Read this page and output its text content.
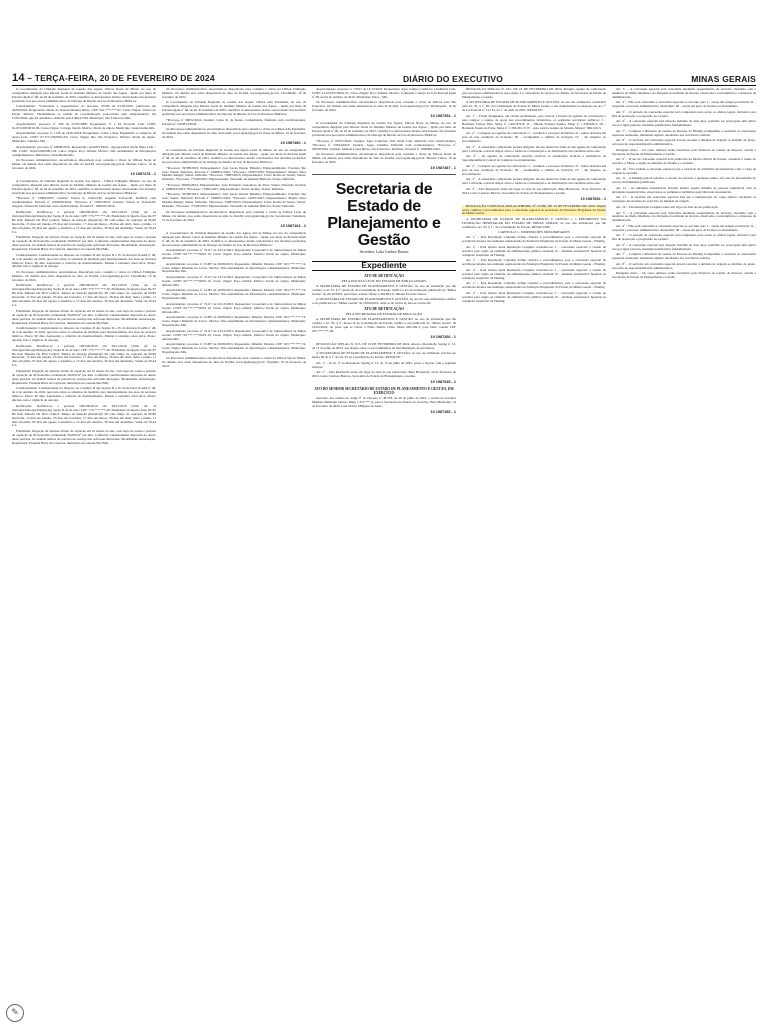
14 – TERÇA-FEIRA, 20 DE FEVEREIRO DE 2024	DIÁRIO DO EXECUTIVO	MINAS GERAIS

O Coordenador da Unidade Regional de Gestão das Águas, URGA Norte de Minas, no uso da competência delegada pelo Diretor Geral do Instituto Mineiro de Gestão das Águas - Igam, por meio da Portaria Igam nº 48, de 26 de setembro de 2023, cientifica os interessados abaixo relacionados das decisões proferidas nos processos administrativos de Outorga de Direito de Uso de Recursos Hídricos:

Cancelamento: *Cancelada a requerimento do processo 23768 de 01/03/2019, publicado em 26/09/2023. Requerente: Maria do Nazaré Mendes Ribas. CPF: 021.***.***-87. Curso d'água: Vereda do Poção. Motivo: Encaminhado ao pedido de reconsideração protocolado pelo empreendedor, em 13/01/2024, que foi atendido e deferido pela URGA NM. Município: São Francisco-MG.

Arquivamento: processo nº 399 de 07/01/2008. Requerente: V e M Florestal Ltda. CNPJ: 61.074.903/0010-38. Curso d'água: Córrego Jatobá. Motivo: Perda de objeto. Município: Guaraciama-MG.

Arquivamento: processo nº 1536 de 22/01/2018. Requerente: Cristo e Paio Engenharia e Comércio de Areia Ltda. CNPJ: 07.375.326/0001-84. Curso d'água: Rio São Francisco. Motivo: Perda de objeto. Município: Januária-MG.

Arquivamento: processo nº 24858/2019. Requerente: AGROVEMA - Agropecuária Verde Mata Ltda. - ME. CNPJ: 16.925.000/0001-32. Curso d'água: Poço tubular. Motivo: Não atendimento de informações complementares. Município: Varzelândia-MG.

Os Processos Administrativos encontram-se disponíveis para consulta e vistas na URGA Norte de Minas. Os demais atos estão disponíveis no sítio do IGAM, www.igam.mg.gov.br. Montes Claros, 19 de fevereiro de 2024.

19 1987478 - 1

A Coordenadora da Unidade Regional de Gestão das Águas – URGA Triângulo Mineiro, no uso da competência delegada pelo Diretor Geral do Instituto Mineiro de Gestão das Águas – Igam, por meio da Portaria Igam nº 48, de 26 de setembro de 2023, cientifica os interessados abaixo relacionados das decisões proferidas nos processos administrativos de Outorga de Direito de Uso de Recursos Hídricos:

*Processo nº 72990/2023. Usuário: Edson A. Trabucchi; Augusto Trabucchi. Deferido com condicionantes. Portaria nº 1900296/2024. *Processo nº 72995/2023. Usuário: Edson A. Trabucchi; Augusto Trabucchi. Deferido com condicionantes. Portaria nº 1900297/2024.

Retificação: Retificar-se a portaria 1005/06/2019 em 28/11/2019 (Vide ref. às Outorgas/Outorga/Integração) Seção II da de data: CPF: 775.***.***-20. Finalidade: Irrigação Área De 87 Ha Pelo Método De Pivô Central. Tempo de duração (Rentável): 90 com tempo de captação de 09:00 horas/dia, 15 dias em janeiro, 05 dias em fevereiro, 17 dias em março, 28 dias em abril, maio e junho, 11 dias em julho, 05 dias em agosto e setembro e 15 dias em outubro, 30 dias em dezembro. Vazão de 59,44 L/s.

Finalidade: Irrigação de culturas. Ponto de captação em 10 meses do ano, com regra de vazão e período de captação de 20 horas/dia, totalizando 36.000 m³ por mês. Conforme condicionantes dispostas no anexo desta portaria. Os demais termos da portaria de outorga não sofreram alterações. Modalidade: Autorização. Requerente: Fazenda Barra da Capivara, município de Guarda-Mor/MG.

Condicionantes: Condicionante no disposto no Capítulo II das Seções II e IV da Portaria IGAM nº 48, de 4 de outubro de 2019, que trata sobre os sistemas de medição para monitoramento dos usos de recursos hídricos. Prazo: 90 dias. Apresentar o relatório de monitoramento. Manter a estrutura atual ativa. Prazo: durante toda a vigência da outorga.

Os Processos Administrativos encontram-se disponíveis para consulta e vistas na URGA Triângulo Mineiro. Os demais atos estão disponíveis no sítio do IGAM, www.igam.mg.gov.br. Uberlândia, 19 de fevereiro de 2024.

Retificação: Retificar-se a portaria 1005/06/2019 em 28/11/2019 (Vide ref. às Outorgas/Outorga/Integração) Seção II da de data: CPF: 775.***.***-20. Finalidade: Irrigação Área De 87 Ha Pelo Método De Pivô Central. Tempo de duração (Rentável): 90 com tempo de captação de 09:00 horas/dia, 15 dias em janeiro, 05 dias em fevereiro, 17 dias em março, 28 dias em abril, maio e junho, 11 dias em julho, 05 dias em agosto e setembro e 15 dias em outubro, 30 dias em dezembro. Vazão de 59,44 L/s.

Finalidade: Irrigação de culturas. Ponto de captação em 10 meses do ano, com regra de vazão e período de captação de 20 horas/dia, totalizando 36.000 m³ por mês. Conforme condicionantes dispostas no anexo desta portaria. Os demais termos da portaria de outorga não sofreram alterações. Modalidade: Autorização. Requerente: Fazenda Barra da Capivara, município de Guarda-Mor/MG.

Condicionantes: Condicionante no disposto no Capítulo II das Seções II e IV da Portaria IGAM nº 48, de 4 de outubro de 2019, que trata sobre os sistemas de medição para monitoramento dos usos de recursos hídricos. Prazo: 90 dias. Apresentar o relatório de monitoramento. Manter a estrutura atual ativa. Prazo: durante toda a vigência da outorga.

Retificação: Retificar-se a portaria 1005/06/2019 em 28/11/2019 (Vide ref. às Outorgas/Outorga/Integração) Seção II da de data: CPF: 775.***.***-20. Finalidade: Irrigação Área De 87 Ha Pelo Método De Pivô Central. Tempo de duração (Rentável): 90 com tempo de captação de 09:00 horas/dia, 15 dias em janeiro, 05 dias em fevereiro, 17 dias em março, 28 dias em abril, maio e junho, 11 dias em julho, 05 dias em agosto e setembro e 15 dias em outubro, 30 dias em dezembro. Vazão de 59,44 L/s.

Finalidade: Irrigação de culturas. Ponto de captação em 10 meses do ano, com regra de vazão e período de captação de 20 horas/dia, totalizando 36.000 m³ por mês. Conforme condicionantes dispostas no anexo desta portaria. Os demais termos da portaria de outorga não sofreram alterações. Modalidade: Autorização. Requerente: Fazenda Barra da Capivara, município de Guarda-Mor/MG.

Condicionantes: Condicionante no disposto no Capítulo II das Seções II e IV da Portaria IGAM nº 48, de 4 de outubro de 2019, que trata sobre os sistemas de medição para monitoramento dos usos de recursos hídricos. Prazo: 90 dias. Apresentar o relatório de monitoramento. Manter a estrutura atual ativa. Prazo: durante toda a vigência da outorga.

Retificação: Retificar-se a portaria 1005/06/2019 em 28/11/2019 (Vide ref. às Outorgas/Outorga/Integração) Seção II da de data: CPF: 775.***.***-20. Finalidade: Irrigação Área De 87 Ha Pelo Método De Pivô Central. Tempo de duração (Rentável): 90 com tempo de captação de 09:00 horas/dia, 15 dias em janeiro, 05 dias em fevereiro, 17 dias em março, 28 dias em abril, maio e junho, 11 dias em julho, 05 dias em agosto e setembro e 15 dias em outubro, 30 dias em dezembro. Vazão de 59,44 L/s.

Finalidade: Irrigação de culturas. Ponto de captação em 10 meses do ano, com regra de vazão e período de captação de 20 horas/dia, totalizando 36.000 m³ por mês. Conforme condicionantes dispostas no anexo desta portaria. Os demais termos da portaria de outorga não sofreram alterações. Modalidade: Autorização. Requerente: Fazenda Barra da Capivara, município de Guarda-Mor/MG.

Os Processos Administrativos encontram-se disponíveis para consulta e vistas na URGA Triângulo Mineiro. Os demais atos estão disponíveis no sítio do IGAM, www.igam.mg.gov.br. Uberlândia, 19 de fevereiro de 2024.

O Coordenador da Unidade Regional de Gestão das Águas, URGA Alto Paranaíba, no uso da competência delegada pelo Diretor Geral do Instituto Mineiro de Gestão das Águas – Igam, por meio da Portaria Igam nº 48, de 26 de setembro de 2023, cientifica os interessados abaixo relacionados das decisões proferidas nos processos administrativos de Outorga de Direito de Uso de Recursos Hídricos:

*Processo nº 06052/2024. Usuário: Celso R. de Souza. Comunidade. Deferido com condicionantes. Portaria nº 1900814/2024.

Os Processos Administrativos encontram-se disponíveis para consulta e vistas na URGA Alto Paranaíba. Os demais atos estão disponíveis no sítio do IGAM, www.igam.mg.gov.br. Patos de Minas, 19 de fevereiro de 2024.

19 1987480 - 1

O Coordenador da Unidade Regional de Gestão das Águas Leste de Minas, no uso da competência delegada pelo Diretor Geral do Instituto Mineiro de Gestão das Águas – Igam, por meio da Portaria Igam nº 48, de 26 de setembro de 2023, cientifica os interessados abaixo relacionados das decisões proferidas nos processos administrativos de Outorga de Direito de Uso de Recursos Hídricos:

*Processo: 59708/2023; Empreendedor: José Lucas Duarte Pimenta; Empreendimento: Fazenda São José; Status: Deferido; Portaria nº 1900851/2024. *Processo: 21007/2023; Empreendedor: Magno Teles Martins Rangel; Status: Deferido. *Processo: 70005/2023; Empreendedor: Lúcio Rocha de Souza; Status: Deferido. *Processo: 77528/2023; Empreendedor: Sebastião de Amorim Barbosa; Status: Deferido.

*Processo: 00669/2024; Empreendedor: Luiz Fernando Gonçalves da Silva; Status: Deferido; Portaria nº 1900916/2024. *Processo: 71885/2023; Empreendedor: Neitor Jacinto; Status: Deferido.

*Processo: 59708/2023; Empreendedor: José Lucas Duarte Pimenta; Empreendimento: Fazenda São José; Status: Deferido; Portaria nº 1900851/2024. *Processo: 21007/2023; Empreendedor: Magno Teles Martins Rangel; Status: Deferido. *Processo: 70005/2023; Empreendedor: Lúcio Rocha de Souza; Status: Deferido. *Processo: 77528/2023; Empreendedor: Sebastião de Amorim Barbosa; Status: Deferido.

Os Processos Administrativos encontram-se disponíveis para consulta e vistas na URGA Leste de Minas. Os demais atos estão disponíveis no sítio do IGAM, www.igam.mg.gov.br. Governador Valadares, 19 de fevereiro de 2024.

19 1987163 - 1

A Coordenadora da Unidade Regional de Gestão das Águas Sul de Minas, no uso da competência delegada pelo Diretor Geral do Instituto Mineiro de Gestão das Águas – Igam, por meio da Portaria Igam nº 48, de 26 de setembro de 2023, cientifica os interessados abaixo relacionados das decisões proferidas nos processos administrativos de Outorga de Direito de Uso de Recursos Hídricos:

Arquivamento: processo nº 74117 de 22/12/2023. Requerente: Cooperativa de Suinocultores de Minas Gerais. CNPJ: 00.***.***/0001-10. Curso d'água: Poço tubular. Motivo: Perda de objeto. Município: Alfenas-MG.

Arquivamento: processo nº 21487 de 29/09/2023. Requerente: Rinaldo Teixeira. CPF: 025.***.***-74. Curso d'água: Ribeirão do Cervo. Motivo: Não atendimento de informações complementares. Município: Nepomuceno-MG.

Arquivamento: processo nº 74117 de 22/12/2023. Requerente: Cooperativa de Suinocultores de Minas Gerais. CNPJ: 00.***.***/0001-10. Curso d'água: Poço tubular. Motivo: Perda de objeto. Município: Alfenas-MG.

Arquivamento: processo nº 21487 de 29/09/2023. Requerente: Rinaldo Teixeira. CPF: 025.***.***-74. Curso d'água: Ribeirão do Cervo. Motivo: Não atendimento de informações complementares. Município: Nepomuceno-MG.

Arquivamento: processo nº 74117 de 22/12/2023. Requerente: Cooperativa de Suinocultores de Minas Gerais. CNPJ: 00.***.***/0001-10. Curso d'água: Poço tubular. Motivo: Perda de objeto. Município: Alfenas-MG.

Arquivamento: processo nº 21487 de 29/09/2023. Requerente: Rinaldo Teixeira. CPF: 025.***.***-74. Curso d'água: Ribeirão do Cervo. Motivo: Não atendimento de informações complementares. Município: Nepomuceno-MG.

Arquivamento: processo nº 74117 de 22/12/2023. Requerente: Cooperativa de Suinocultores de Minas Gerais. CNPJ: 00.***.***/0001-10. Curso d'água: Poço tubular. Motivo: Perda de objeto. Município: Alfenas-MG.

Arquivamento: processo nº 21487 de 29/09/2023. Requerente: Rinaldo Teixeira. CPF: 025.***.***-74. Curso d'água: Ribeirão do Cervo. Motivo: Não atendimento de informações complementares. Município: Nepomuceno-MG.

Os Processos Administrativos encontram-se disponíveis para consulta e vistas na URGA Sul de Minas. Os demais atos estão disponíveis no sítio do IGAM, www.igam.mg.gov.br. Varginha, 19 de fevereiro de 2024.

Arquivamento: processo nº 72917 de 12/12/2023. Requerente: Agro Campo Comércio e Indústria Ltda. CNPJ: 21.674.957/0001-97. Curso d'água: Poço Tubular. Motivo: Conforme o artigo 54 A da Portaria Igam nº 48, de 04 de outubro de 2019. Município: Patos - MG.

Os Processos Administrativos encontram-se disponíveis para consulta e vistas na URGA Alto São Francisco. Os demais atos estão disponíveis no sítio do IGAM, www.igam.mg.gov.br. Divinópolis, 19 de fevereiro de 2024.

19 1987394 - 1

O Coordenador da Unidade Regional de Gestão das Águas, URGA Norte de Minas, no uso da competência delegada pelo Diretor Geral do Instituto Mineiro de Gestão das Águas – Igam, por meio da Portaria Igam nº 48, de 26 de setembro de 2023, cientifica os interessados abaixo relacionados das decisões proferidas nos processos administrativos de Outorga de Direito de Uso de Recursos Hídricos:

*Processo nº 05357/2024. Usuário: Agro Comércio Vale Verde Ltda. Deferido com condicionantes. *Processo nº 27944/2019. Usuário: Agap, Janaúba. Deferido com condicionantes. *Processo nº 04930/2024. Usuário: Manoel Lopes Ribas. São Francisco. Deferido. Portaria nº 1900882/2024.

Os Processos Administrativos encontram-se disponíveis para consulta e vistas na URGA Norte de Minas. Os demais atos estão disponíveis no sítio do IGAM, www.igam.mg.gov.br. Montes Claros, 19 de fevereiro de 2024.

19 1987487 - 1
Secretaria de Estado de Planejamento e Gestão
Secretária: Luísa Cardoso Barreto
Expediente
ATO DE RETIFICAÇÃO
PELA POLÍCIA CIVIL DO ESTADO DE MINAS GERAIS

A SECRETÁRIA DE ESTADO DE PLANEJAMENTO E GESTÃO, no uso da atribuição que lhe confere o art. 93, § 2º, inciso II, da Constituição do Estado, retifica o ato de nomeação publicado no "Minas Gerais" de 20/10/2023, para fazer constar: Masp 1.402.891-6, Juliana Ferreira Santos.

A SECRETÁRIA DE ESTADO DE PLANEJAMENTO E GESTÃO, no uso de suas atribuições, retifica o ato publicado no "Minas Gerais" de 19/09/2019, onde se lê: inciso II, leia-se: inciso III.

ATO DE RETIFICAÇÃO
PELA SECRETARIA DE ESTADO DE EDUCAÇÃO

A SECRETÁRIA DE ESTADO DE PLANEJAMENTO E GESTÃO, no uso da atribuição que lhe confere o art. 93, § 2º, inciso II, da Constituição do Estado, retifica o ato publicado no "Minas Gerais" de 16/02/2024, na parte que se refere a Nilza Duarte Lima, Masp 983.106-3, para fazer constar CPF 455.***.***-06.

19 1987266 - 1

RESOLUÇÃO SEPLAG Nº 015, DE 19 DE FEVEREIRO DE 2024. Altera a Resolução Seplag nº 13, de 13 de julho de 2023, que dispõe sobre os procedimentos de movimentação de servidores.

A SECRETÁRIA DE ESTADO DE PLANEJAMENTO E GESTÃO, no uso de atribuição prevista no inciso III do § 1º do art. 93 da Constituição do Estado, RESOLVE:

Art. 1º – O art. 2º da Resolução Seplag nº 13, de 13 de julho de 2023, passa a vigorar com a seguinte redação.

Art. 2º – Esta Resolução entra em vigor na data de sua publicação. Belo Horizonte, 19 de fevereiro de 2024. Luísa Cardoso Barreto, Secretária de Estado de Planejamento e Gestão.

19 1987035 - 1
ATO DO SENHOR SECRETÁRIO DE ESTADO DE PLANEJAMENTO E GESTÃO, EM EXERCÍCIO

Autoriza, nos termos do artigo 9º do Decreto nº 48.378, de 29 de julho de 2022, a cessão do servidor Matheus Henrique Santos, Masp 1.372.***-4, para a Secretaria de Estado de Governo. Belo Horizonte, 19 de fevereiro de 2024. Luís Otávio Milagres de Assis.

19 1987185 - 1

RESOLUÇÃO SEPLAG Nº 012, DE 19 DE FEVEREIRO DE 2024. Designa equipe de contratação para processos administrativos cujo objeto é a contratação de serviços no âmbito da Secretaria de Estado de Planejamento e Gestão.

A SECRETÁRIA DE ESTADO DE PLANEJAMENTO E GESTÃO, no uso das atribuições conferidas pelo art. 93, § 1º, III, da Constituição do Estado de Minas Gerais, e em cumprimento ao disposto no art. 7º da Lei Federal nº 14.133, de 1º de abril de 2021, RESOLVE:

Art. 1º – Ficam designados, em caráter permanente, para exercer a função de agentes de contratação e para compor a equipe de apoio nos procedimentos licitatórios, os seguintes servidores públicos: I – Henrique Freitas Dias, Masp nº 1.402.874-8; II – Juliana Ferreira Santos, Masp nº 1.338.826-3; III – Bernardo Souza de Faria, Masp nº 1.358.453-3; IV – Ana Letícia Gomes de Morais, Masp nº 869.169-5.

Art. 2º – Compete aos agentes de contratação: I – conduzir o processo licitatório; II – tomar decisões em prol da boa condução da licitação; III – acompanhar o trâmite da licitação; IV – dar impulso ao procedimento.

Art. 3º – A autoridade competente poderá designar, em ato motivado, mais de um agente de contratação para a licitação e deverá dispor sobre a forma de coordenação e de distribuição dos trabalhos entre eles.

Art. 4º – Os agentes de contratação deverão observar as orientações técnicas e normativas da Superintendência Central de Compras Governamentais.

Art. 2º – Compete aos agentes de contratação: I – conduzir o processo licitatório; II – tomar decisões em prol da boa condução da licitação; III – acompanhar o trâmite da licitação; IV – dar impulso ao procedimento.

Art. 3º – A autoridade competente poderá designar, em ato motivado, mais de um agente de contratação para a licitação e deverá dispor sobre a forma de coordenação e de distribuição dos trabalhos entre eles.

Art. 5º – Esta Resolução entra em vigor na data de sua publicação. Belo Horizonte, 19 de fevereiro de 2024. Luísa Cardoso Barreto, Secretária de Estado de Planejamento e Gestão.

19 1987652 - 1

RESOLUÇÃO CONJUNTA SEPLAG/FHEMIG Nº 10.885, DE 19 DE FEVEREIRO DE 2024. Dispõe sobre critérios e procedimentos para a concessão especial de servidores da Fundação Hospitalar do Estado de Minas Gerais.

A SECRETÁRIA DE ESTADO DE PLANEJAMENTO E GESTÃO e o PRESIDENTE DA FUNDAÇÃO HOSPITALAR DO ESTADO DE MINAS GERAIS, no uso das atribuições que lhe conferem o art. 93, § 1º, da Constituição do Estado, RESOLVEM:

CAPÍTULO I – DISPOSIÇÕES PRELIMINARES

Art. 1º – Esta Resolução Conjunta define critérios e procedimentos para a concessão especial de servidores lotados nas unidades assistenciais da Fundação Hospitalar do Estado de Minas Gerais – Fhemig.

Art. 2º – Para efeitos desta Resolução Conjunta considera-se: I – concessão especial: a cessão de servidor para órgão ou entidade da administração pública estadual; II – unidade assistencial: hospital ou complexo hospitalar da Fhemig.

Art. 1º – Esta Resolução Conjunta define critérios e procedimentos para a concessão especial de servidores lotados nas unidades assistenciais da Fundação Hospitalar do Estado de Minas Gerais – Fhemig.

Art. 2º – Para efeitos desta Resolução Conjunta considera-se: I – concessão especial: a cessão de servidor para órgão ou entidade da administração pública estadual; II – unidade assistencial: hospital ou complexo hospitalar da Fhemig.

Art. 1º – Esta Resolução Conjunta define critérios e procedimentos para a concessão especial de servidores lotados nas unidades assistenciais da Fundação Hospitalar do Estado de Minas Gerais – Fhemig.

Art. 2º – Para efeitos desta Resolução Conjunta considera-se: I – concessão especial: a cessão de servidor para órgão ou entidade da administração pública estadual; II – unidade assistencial: hospital ou complexo hospitalar da Fhemig.

Art. 3º – A concessão especial será concedida mediante requerimento do servidor, instruído com a anuência da chefia imediata e do dirigente da unidade de lotação, observada a conveniência e o interesse da administração.

Art. 4º – Não será concedida a concessão especial ao servidor que: I – esteja em estágio probatório; II – responda a processo administrativo disciplinar; III – esteja em gozo de licença ou afastamento.

Art. 5º – O período de concessão especial será computado para todos os efeitos legais, inclusive para fins de promoção e progressão na carreira.

Art. 6º – A concessão especial terá duração máxima de dois anos, podendo ser prorrogada uma única vez por igual período, mediante justificativa fundamentada.

Art. 7º – Compete à Diretoria de Gestão de Pessoas da Fhemig acompanhar e controlar as concessões especiais realizadas, mantendo registro atualizado dos servidores cedidos.

Art. 8º – O servidor em concessão especial deverá retornar à unidade de origem ao término do prazo, sob pena de responsabilização administrativa.

Parágrafo único – Os casos omissos serão resolvidos pela Diretoria de Gestão de Pessoas, ouvida a Secretaria de Estado de Planejamento e Gestão.

Art. 9º – O ato de concessão especial será publicado no Diário Oficial do Estado, contendo o nome do servidor, o Masp, o órgão ou entidade de destino e o período.

Art. 10 – Fica vedada a concessão especial para o exercício de atividades incompatíveis com o cargo de origem do servidor.

Art. 11 – A Fhemig poderá solicitar o retorno do servidor a qualquer tempo, em caso de necessidade do serviço devidamente justificada.

Art. 12 – As unidades assistenciais deverão manter quadro mínimo de pessoal compatível com as atividades desenvolvidas, observados os parâmetros definidos pela Diretoria Assistencial.

Art. 13 – O servidor em concessão especial fará jus à remuneração do cargo efetivo, excluídas as vantagens decorrentes do exercício na unidade de origem.

Art. 14 – Esta Resolução Conjunta entra em vigor na data de sua publicação.

Art. 3º – A concessão especial será concedida mediante requerimento do servidor, instruído com a anuência da chefia imediata e do dirigente da unidade de lotação, observada a conveniência e o interesse da administração.

Art. 4º – Não será concedida a concessão especial ao servidor que: I – esteja em estágio probatório; II – responda a processo administrativo disciplinar; III – esteja em gozo de licença ou afastamento.

Art. 5º – O período de concessão especial será computado para todos os efeitos legais, inclusive para fins de promoção e progressão na carreira.

Art. 6º – A concessão especial terá duração máxima de dois anos, podendo ser prorrogada uma única vez por igual período, mediante justificativa fundamentada.

Art. 7º – Compete à Diretoria de Gestão de Pessoas da Fhemig acompanhar e controlar as concessões especiais realizadas, mantendo registro atualizado dos servidores cedidos.

Art. 8º – O servidor em concessão especial deverá retornar à unidade de origem ao término do prazo, sob pena de responsabilização administrativa.

Parágrafo único – Os casos omissos serão resolvidos pela Diretoria de Gestão de Pessoas, ouvida a Secretaria de Estado de Planejamento e Gestão.

✎
